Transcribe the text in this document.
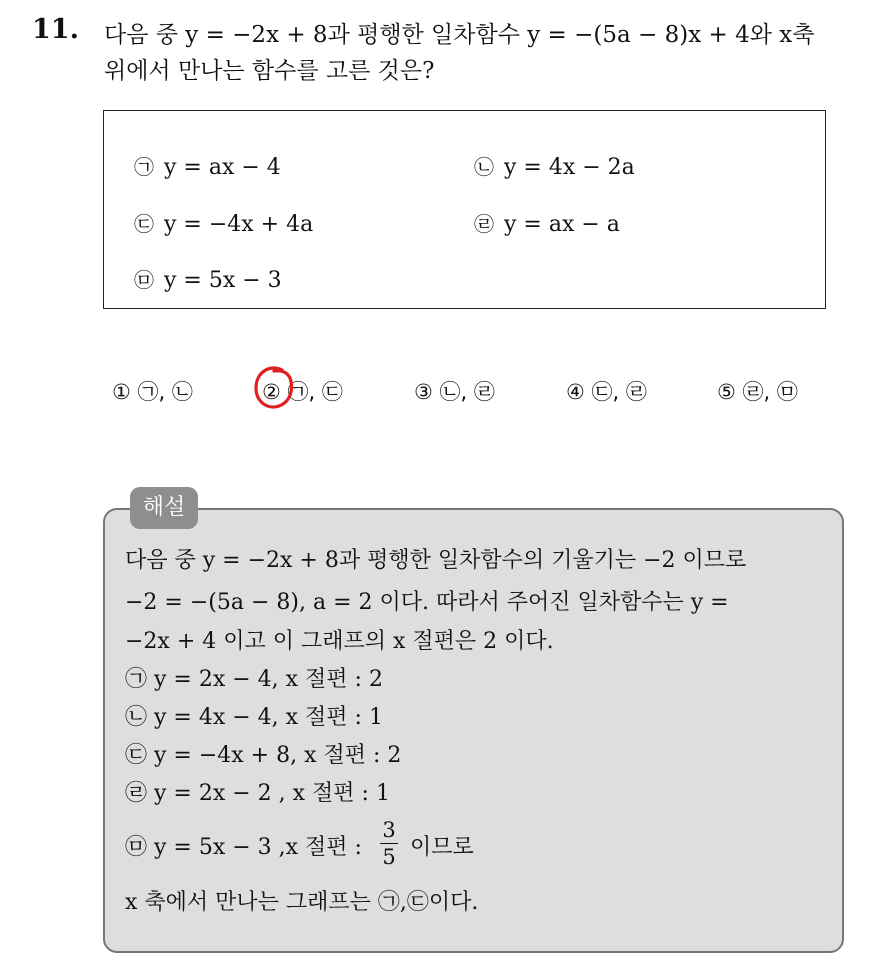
11. 다음 중 y = −2x + 8과 평행한 일차함수 y = −(5a − 8)x + 4와 x축
위에서 만나는 함수를 고른 것은?
㉠ y = ax − 4	㉡ y = 4x − 2a
㉢ y = −4x + 4a	㉣ y = ax − a
㉤ y = 5x − 3
① ㉠, ㉡	② ㉠, ㉢	③ ㉡, ㉣	④ ㉢, ㉣	⑤ ㉣, ㉤
해설
다음 중 y = −2x + 8과 평행한 일차함수의 기울기는 −2 이므로
−2 = −(5a − 8), a = 2 이다. 따라서 주어진 일차함수는 y =
−2x + 4 이고 이 그래프의 x 절편은 2 이다.
㉠ y = 2x − 4, x 절편 : 2
㉡ y = 4x − 4, x 절편 : 1
㉢ y = −4x + 8, x 절편 : 2
㉣ y = 2x − 2 , x 절편 : 1
㉤ y = 5x − 3 ,x 절편 :
3
5 이므로
x 축에서 만나는 그래프는 ㉠,㉢이다.
